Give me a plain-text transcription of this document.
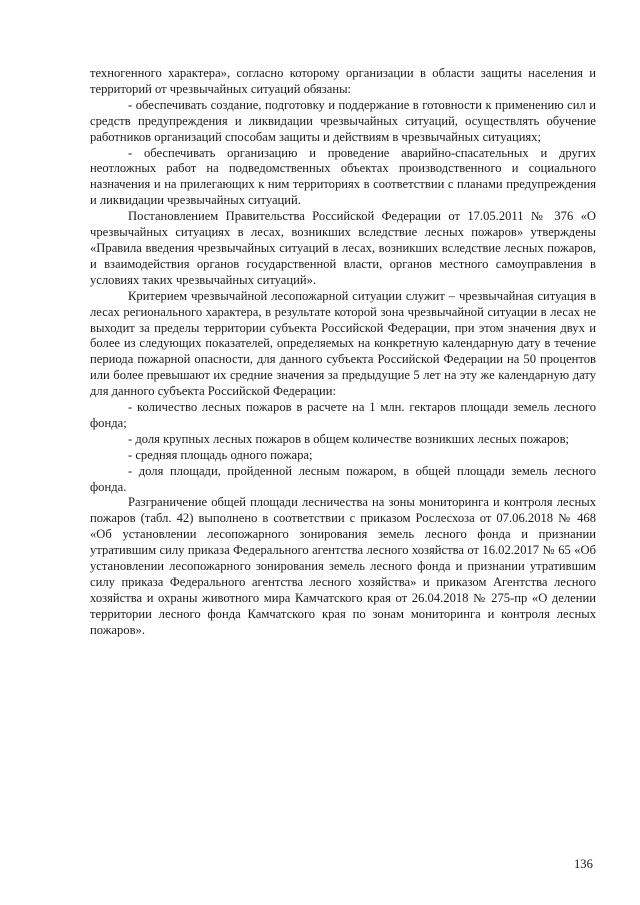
техногенного характера», согласно которому организации в области защиты населения и территорий от чрезвычайных ситуаций обязаны:

- обеспечивать создание, подготовку и поддержание в готовности к применению сил и средств предупреждения и ликвидации чрезвычайных ситуаций, осуществлять обучение работников организаций способам защиты и действиям в чрезвычайных ситуациях;

- обеспечивать организацию и проведение аварийно-спасательных и других неотложных работ на подведомственных объектах производственного и социального назначения и на прилегающих к ним территориях в соответствии с планами предупреждения и ликвидации чрезвычайных ситуаций.

Постановлением Правительства Российской Федерации от 17.05.2011 № 376 «О чрезвычайных ситуациях в лесах, возникших вследствие лесных пожаров» утверждены «Правила введения чрезвычайных ситуаций в лесах, возникших вследствие лесных пожаров, и взаимодействия органов государственной власти, органов местного самоуправления в условиях таких чрезвычайных ситуаций».

Критерием чрезвычайной лесопожарной ситуации служит – чрезвычайная ситуация в лесах регионального характера, в результате которой зона чрезвычайной ситуации в лесах не выходит за пределы территории субъекта Российской Федерации, при этом значения двух и более из следующих показателей, определяемых на конкретную календарную дату в течение периода пожарной опасности, для данного субъекта Российской Федерации на 50 процентов или более превышают их средние значения за предыдущие 5 лет на эту же календарную дату для данного субъекта Российской Федерации:

- количество лесных пожаров в расчете на 1 млн. гектаров площади земель лесного фонда;

- доля крупных лесных пожаров в общем количестве возникших лесных пожаров;

- средняя площадь одного пожара;

- доля площади, пройденной лесным пожаром, в общей площади земель лесного фонда.

Разграничение общей площади лесничества на зоны мониторинга и контроля лесных пожаров (табл. 42) выполнено в соответствии с приказом Рослесхоза от 07.06.2018 № 468 «Об установлении лесопожарного зонирования земель лесного фонда и признании утратившим силу приказа Федерального агентства лесного хозяйства от 16.02.2017 № 65 «Об установлении лесопожарного зонирования земель лесного фонда и признании утратившим силу приказа Федерального агентства лесного хозяйства» и приказом Агентства лесного хозяйства и охраны животного мира Камчатского края от 26.04.2018 № 275-пр «О делении территории лесного фонда Камчатского края по зонам мониторинга и контроля лесных пожаров».

136
